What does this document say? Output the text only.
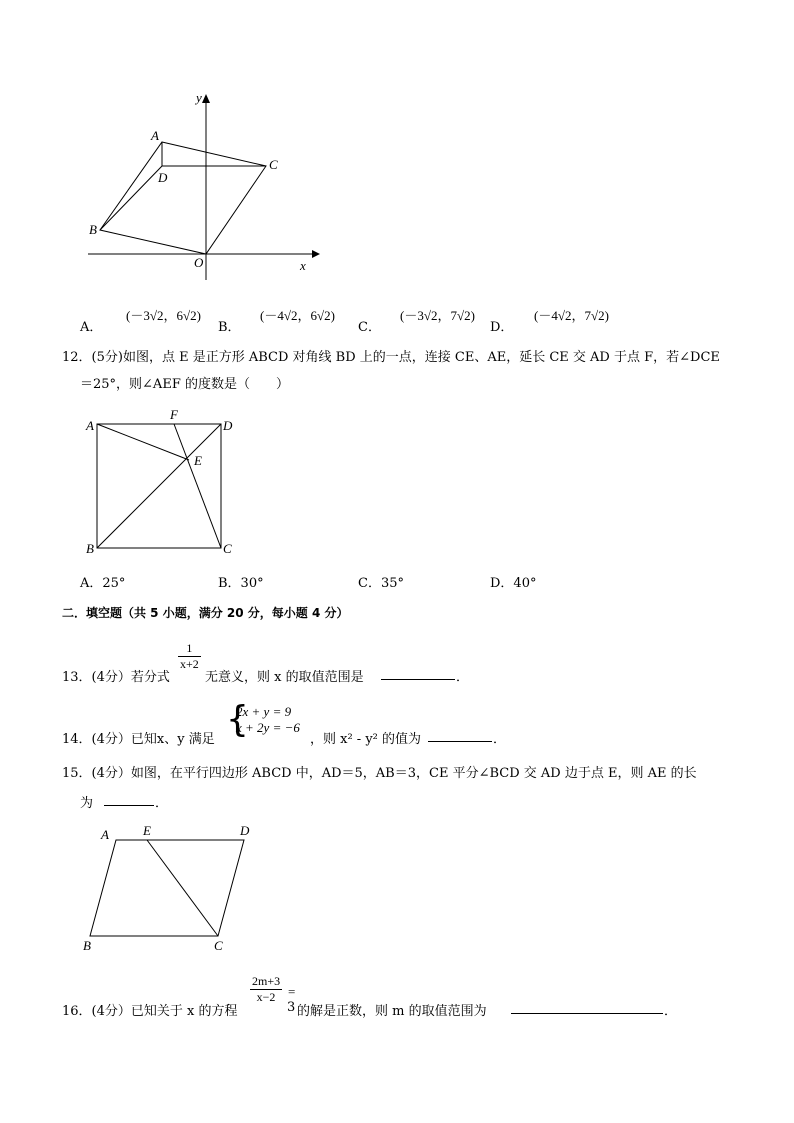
y
A
D
C
B
O	x
A．
(－3√2，6√2)
B．
(－4√2，6√2)
C．
(－3√2，7√2)
D．
(－4√2，7√2)
12．(5分)如图，点 E 是正方形 ABCD 对角线 BD 上的一点，连接 CE、AE，延长 CE 交 AD 于点 F，若∠DCE
＝25°，则∠AEF 的度数是（　　）
A
F
D
E
B	C
A．25°	B．30°	C．35°	D．40°
二．填空题（共 5 小题，满分 20 分，每小题 4 分）
13．(4分）若分式
$\frac{1}{x+2}$
无意义，则 x 的取值范围是	．
14．(4分）已知x、y 满足 {
2x + y = 9
x + 2y = −6
，则 x² - y² 的值为	．
15．(4分）如图，在平行四边形 ABCD 中，AD＝5，AB＝3，CE 平分∠BCD 交 AD 边于点 E，则 AE 的长
为	．
A	E	D
B	C
16．(4分）已知关于 x 的方程
$\frac{2m+3}{x-2}$ =
3 的解是正数，则 m 的取值范围为	．
